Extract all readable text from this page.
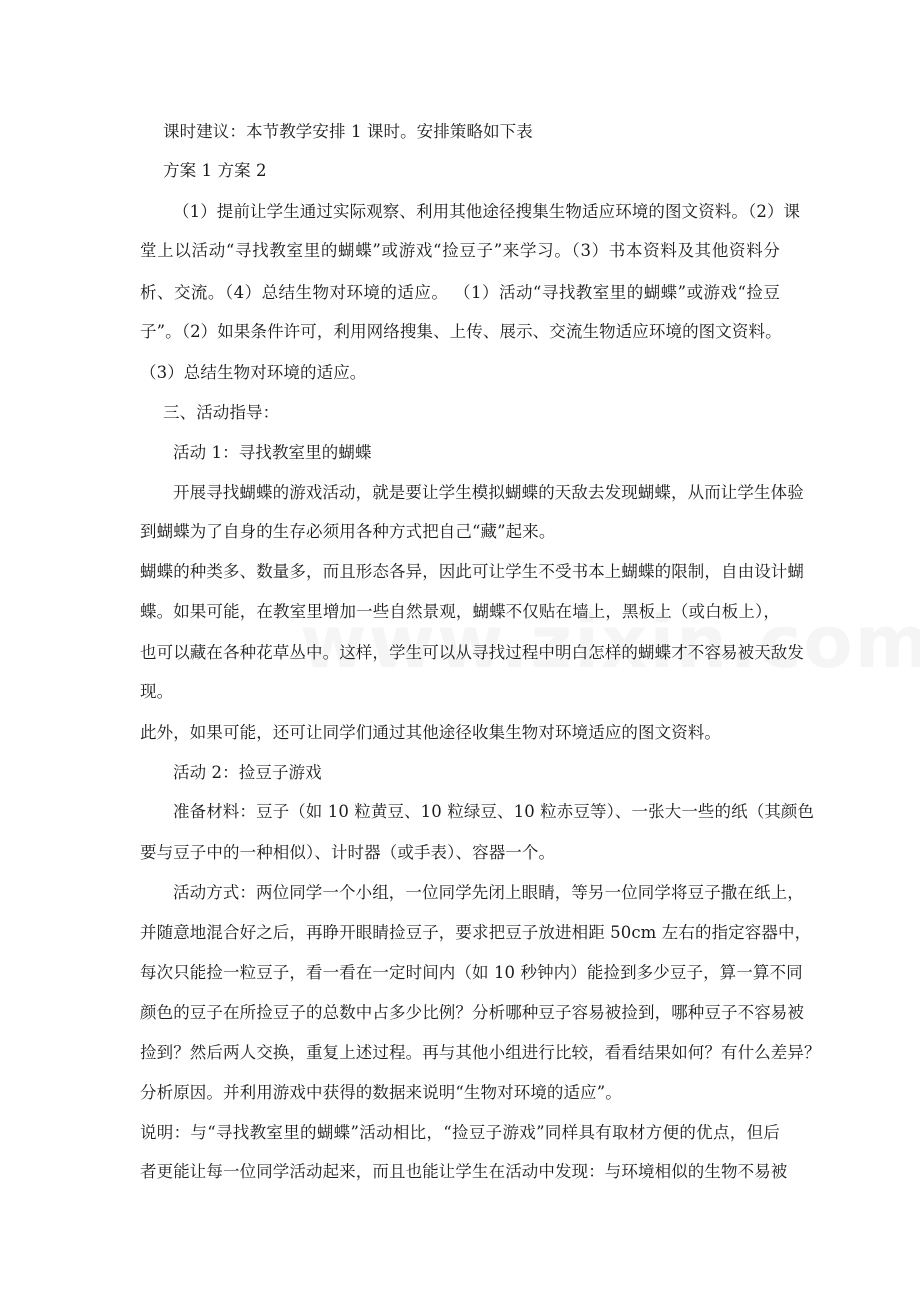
课时建议：本节教学安排 1 课时。安排策略如下表
方案 1 方案 2
（1）提前让学生通过实际观察、利用其他途径搜集生物适应环境的图文资料。（2）课
堂上以活动“寻找教室里的蝴蝶”或游戏“捡豆子”来学习。（3）书本资料及其他资料分
析、交流。（4）总结生物对环境的适应。 （1）活动“寻找教室里的蝴蝶”或游戏“捡豆
子”。（2）如果条件许可，利用网络搜集、上传、展示、交流生物适应环境的图文资料。
（3）总结生物对环境的适应。
三、活动指导：
活动 1：寻找教室里的蝴蝶
开展寻找蝴蝶的游戏活动，就是要让学生模拟蝴蝶的天敌去发现蝴蝶，从而让学生体验
到蝴蝶为了自身的生存必须用各种方式把自己“藏”起来。
蝴蝶的种类多、数量多，而且形态各异，因此可让学生不受书本上蝴蝶的限制，自由设计蝴
蝶。如果可能，在教室里增加一些自然景观，蝴蝶不仅贴在墙上，黑板上（或白板上），
也可以藏在各种花草丛中。这样，学生可以从寻找过程中明白怎样的蝴蝶才不容易被天敌发
现。
此外，如果可能，还可让同学们通过其他途径收集生物对环境适应的图文资料。
活动 2：捡豆子游戏
准备材料：豆子（如 10 粒黄豆、10 粒绿豆、10 粒赤豆等）、一张大一些的纸（其颜色
要与豆子中的一种相似）、计时器（或手表）、容器一个。
活动方式：两位同学一个小组，一位同学先闭上眼睛，等另一位同学将豆子撒在纸上，
并随意地混合好之后，再睁开眼睛捡豆子，要求把豆子放进相距 50cm 左右的指定容器中，
每次只能捡一粒豆子，看一看在一定时间内（如 10 秒钟内）能捡到多少豆子，算一算不同
颜色的豆子在所捡豆子的总数中占多少比例？分析哪种豆子容易被捡到，哪种豆子不容易被
捡到？然后两人交换，重复上述过程。再与其他小组进行比较，看看结果如何？有什么差异？
分析原因。并利用游戏中获得的数据来说明“生物对环境的适应”。
说明：与“寻找教室里的蝴蝶”活动相比，“捡豆子游戏”同样具有取材方便的优点，但后
者更能让每一位同学活动起来，而且也能让学生在活动中发现：与环境相似的生物不易被
